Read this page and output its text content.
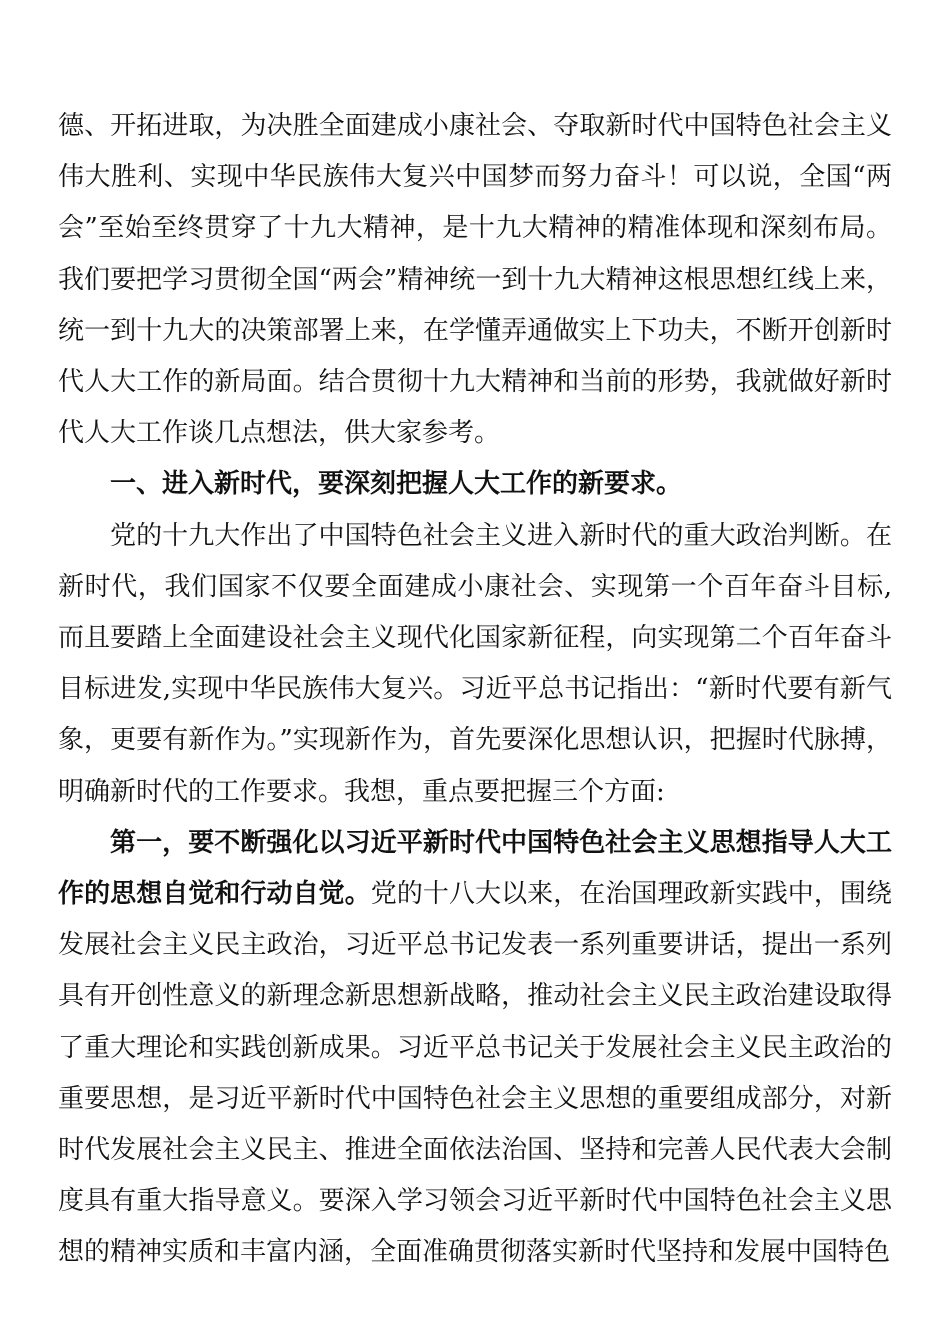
德、开拓进取，为决胜全面建成小康社会、夺取新时代中国特色社会主义伟大胜利、实现中华民族伟大复兴中国梦而努力奋斗！可以说，全国“两会”至始至终贯穿了十九大精神，是十九大精神的精准体现和深刻布局。我们要把学习贯彻全国“两会”精神统一到十九大精神这根思想红线上来，统一到十九大的决策部署上来，在学懂弄通做实上下功夫，不断开创新时代人大工作的新局面。结合贯彻十九大精神和当前的形势，我就做好新时代人大工作谈几点想法，供大家参考。

一、进入新时代，要深刻把握人大工作的新要求。

党的十九大作出了中国特色社会主义进入新时代的重大政治判断。在新时代，我们国家不仅要全面建成小康社会、实现第一个百年奋斗目标,而且要踏上全面建设社会主义现代化国家新征程，向实现第二个百年奋斗目标进发,实现中华民族伟大复兴。习近平总书记指出：“新时代要有新气象，更要有新作为。”实现新作为，首先要深化思想认识，把握时代脉搏，明确新时代的工作要求。我想，重点要把握三个方面:

第一，要不断强化以习近平新时代中国特色社会主义思想指导人大工作的思想自觉和行动自觉。党的十八大以来，在治国理政新实践中，围绕发展社会主义民主政治，习近平总书记发表一系列重要讲话，提出一系列具有开创性意义的新理念新思想新战略，推动社会主义民主政治建设取得了重大理论和实践创新成果。习近平总书记关于发展社会主义民主政治的重要思想，是习近平新时代中国特色社会主义思想的重要组成部分，对新时代发展社会主义民主、推进全面依法治国、坚持和完善人民代表大会制度具有重大指导意义。要深入学习领会习近平新时代中国特色社会主义思想的精神实质和丰富内涵，全面准确贯彻落实新时代坚持和发展中国特色
